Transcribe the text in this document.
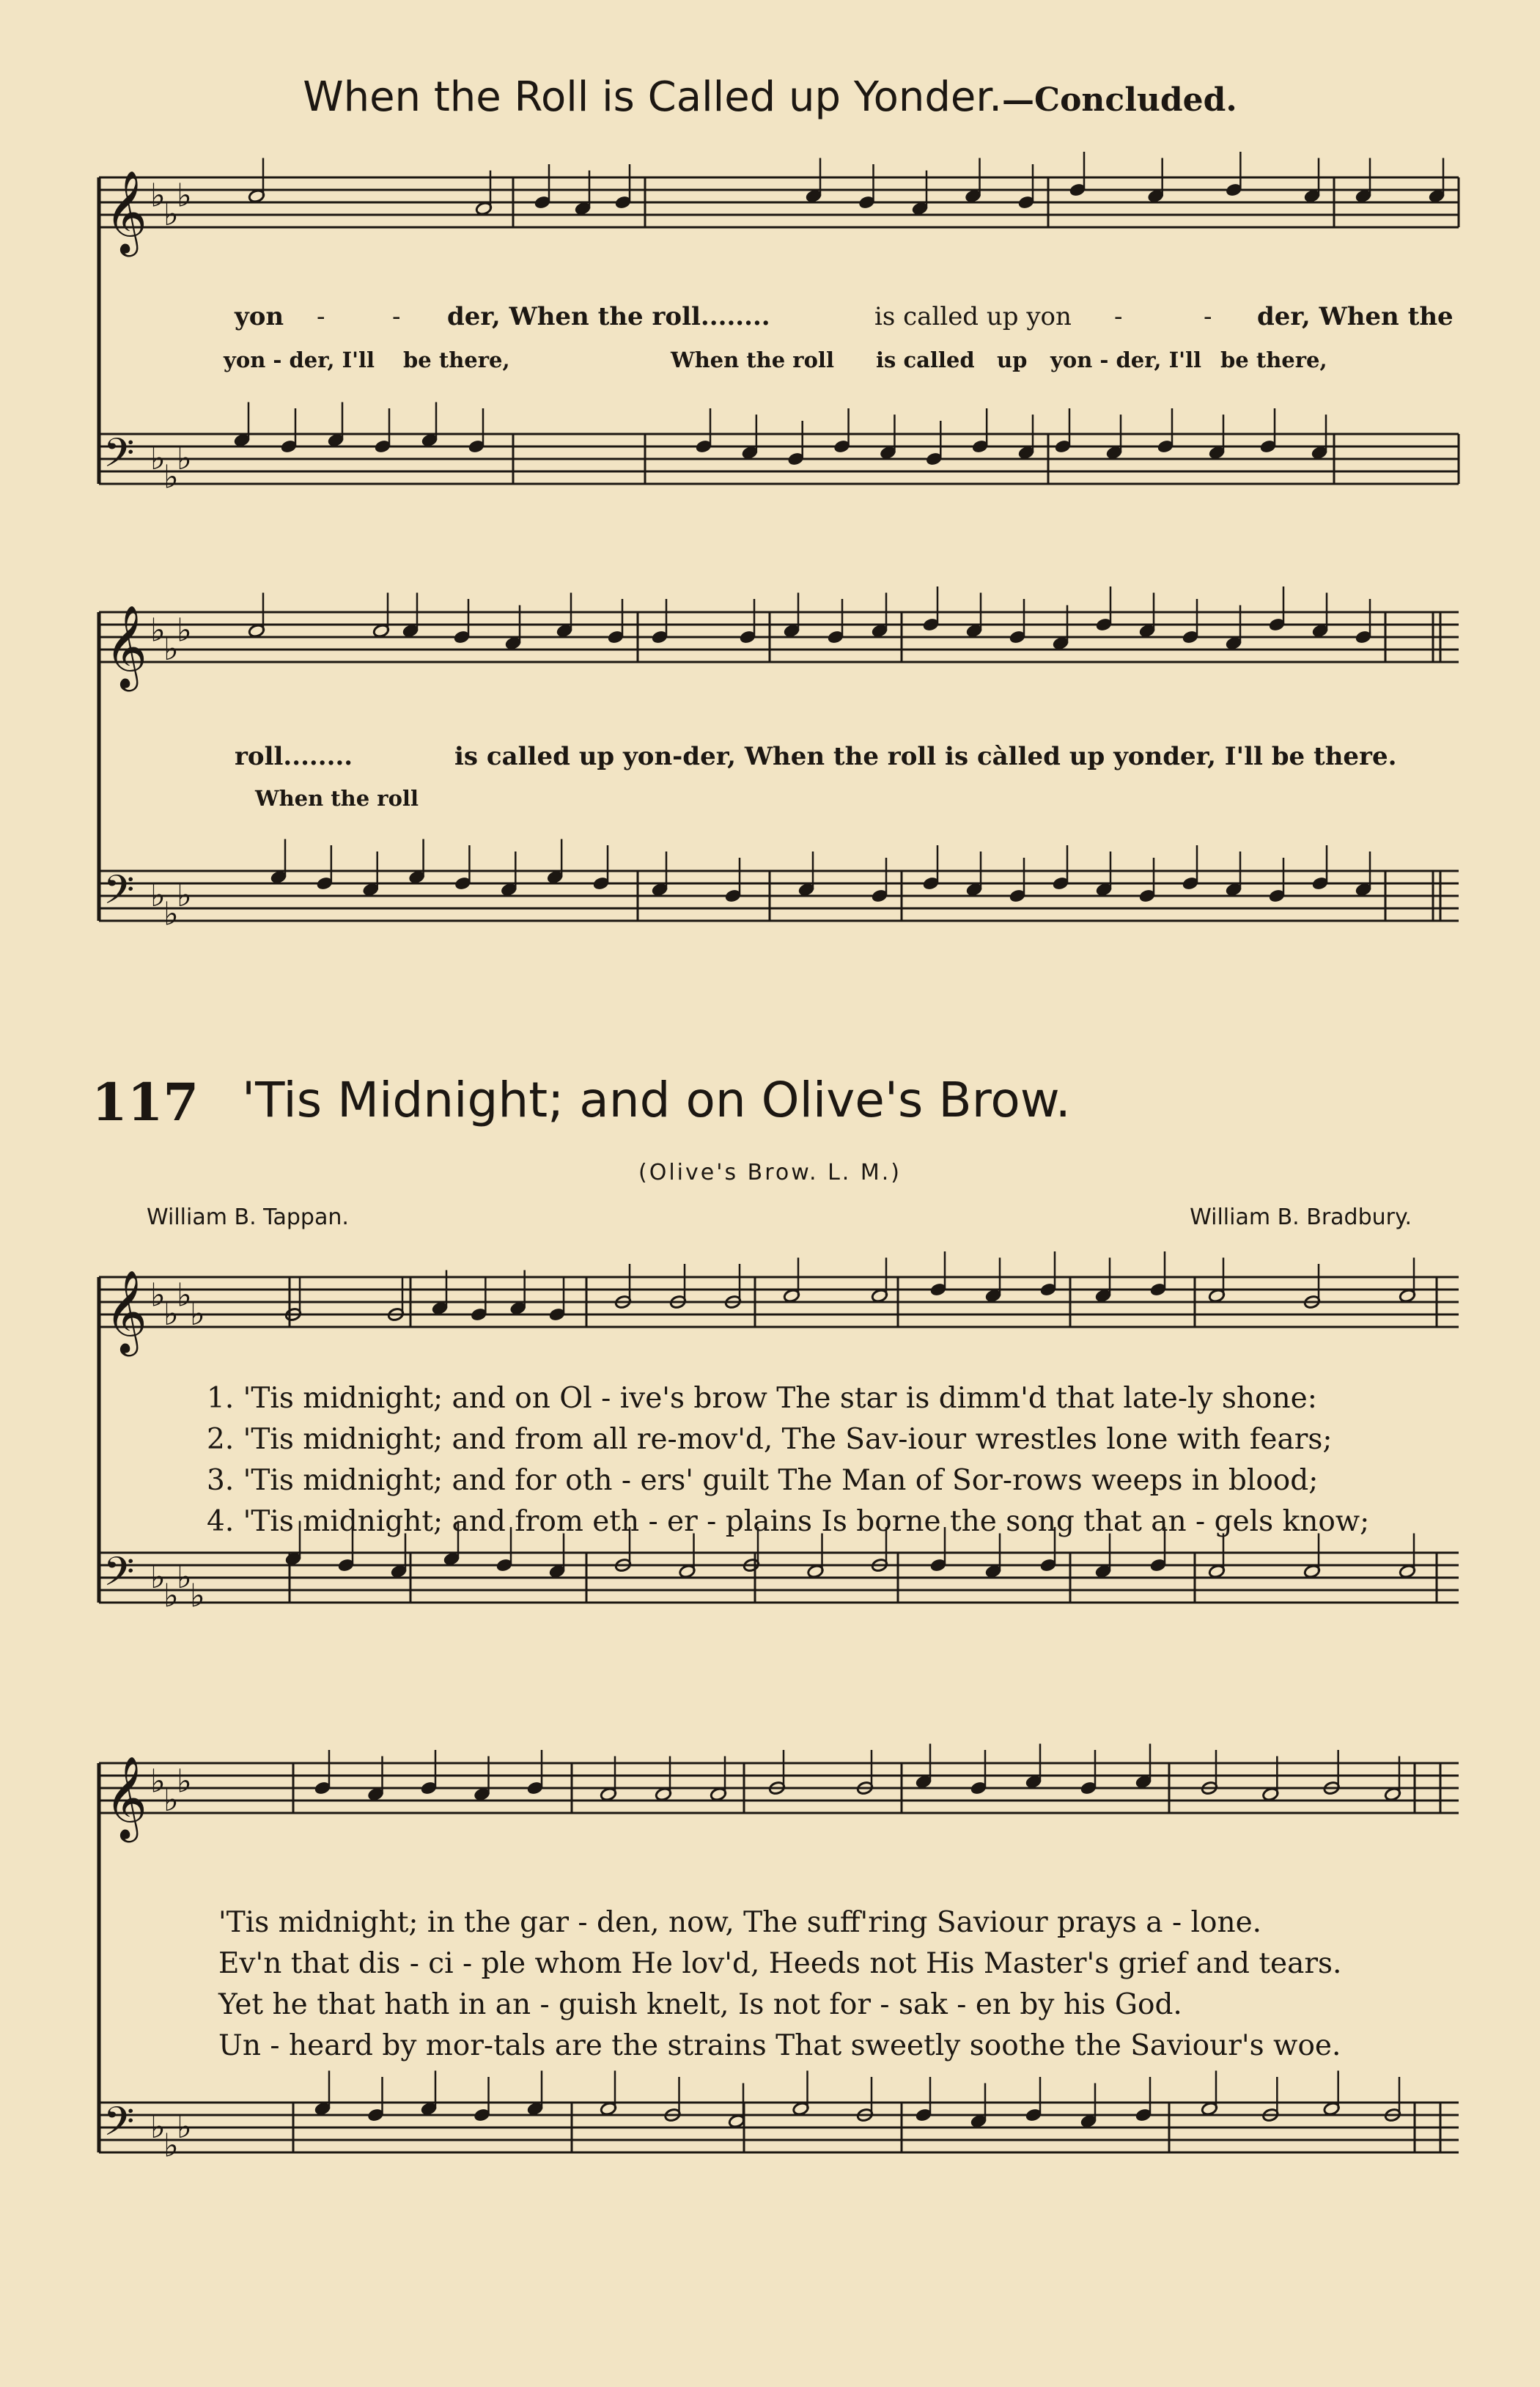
When the Roll is Called up Yonder.—Concluded.
𝄞
𝄢
♭
♭
♭
♭
♭
♭
𝄞
𝄢
♭
♭
♭
♭
♭
♭
𝄞
𝄢
♭
♭
♭
♭
♭
♭
♭
♭
𝄞
𝄢
♭
♭
♭
♭
♭
♭
yon -	- der, When the roll........	is called up yon -	- der, When the
yon - der, I'll be there,	When the roll is called up yon - der, I'll be there,
roll........	is called up yon-der, When the roll is càlled up yonder, I'll be there.
When the roll
117 'Tis Midnight; and on Olive's Brow.
(Olive's Brow. L. M.)
William B. Tappan.	William B. Bradbury.
1. 'Tis midnight; and on Ol - ive's brow The star is dimm'd that late-ly shone:
2. 'Tis midnight; and from all re-mov'd, The Sav-iour wrestles lone with fears;
3. 'Tis midnight; and for oth - ers' guilt The Man of Sor-rows weeps in blood;
4. 'Tis midnight; and from eth - er - plains Is borne the song that an - gels know;
'Tis midnight; in the gar - den, now, The suff'ring Saviour prays a - lone.
Ev'n that dis - ci - ple whom He lov'd, Heeds not His Master's grief and tears.
Yet he that hath in an - guish knelt, Is not for - sak - en by his God.
Un - heard by mor-tals are the strains That sweetly soothe the Saviour's woe.
